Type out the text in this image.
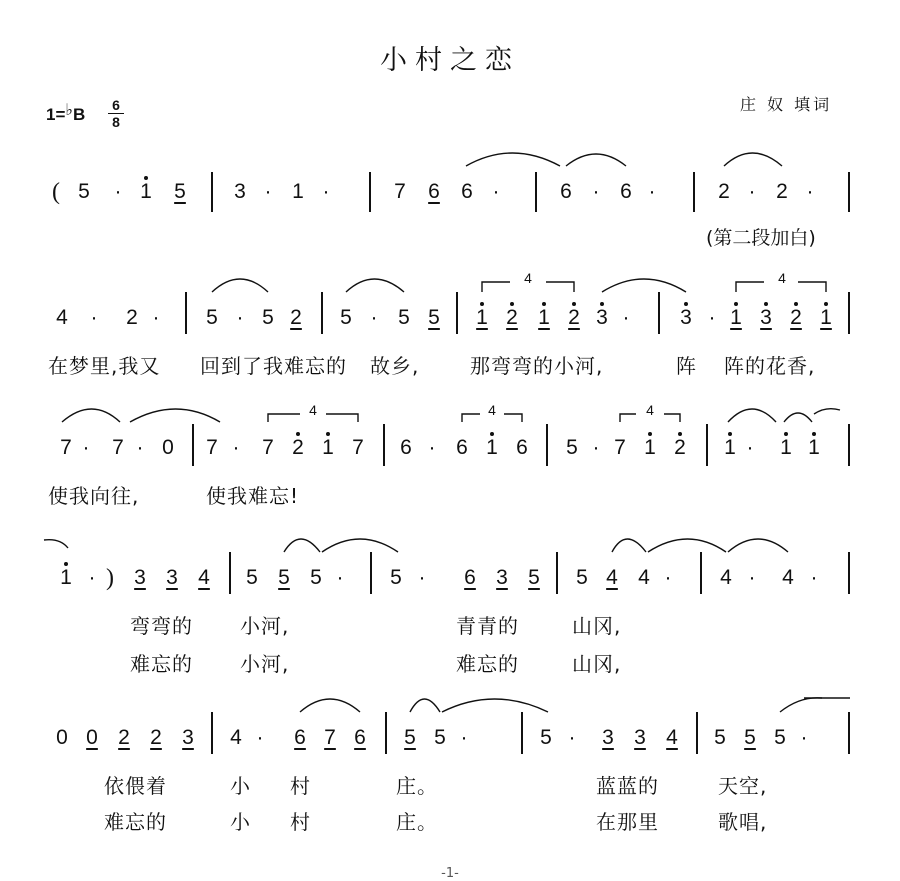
小村之恋
庄 奴 填词
1=♭B 6
8
( 5 · 1 5 3 · 1 ·	7 6 6 ·	6 · 6 ·	2 · 2 ·
(第二段加白)
4 · 2 · 5 · 5 2 5 · 5 5 1 2 1 2 3 · 3 · 1 3 2 1
在梦里,我又 回到了我难忘的 故乡,	那弯弯的小河,	阵 阵的花香,
7 · 7 · 0 7 · 7 2 1 7 6 · 6 1 6 5 · 7 1 2 1 · 1 1
使我向往,	使我难忘!
1 · ) 3 3 4 5 5 5 · 5 · 6 3 5 5 4 4 · 4 · 4 ·
弯弯的 小河,	青青的	山冈,
难忘的 小河,	难忘的	山冈,
0 0 2 2 3 4 · 6 7 6 5 5 ·	5 · 3 3 4 5 5 5 ·
依偎着	小 村	庄。	蓝蓝的	天空,
难忘的	小 村	庄。	在那里	歌唱,
4	4
4	4	4
-1-
